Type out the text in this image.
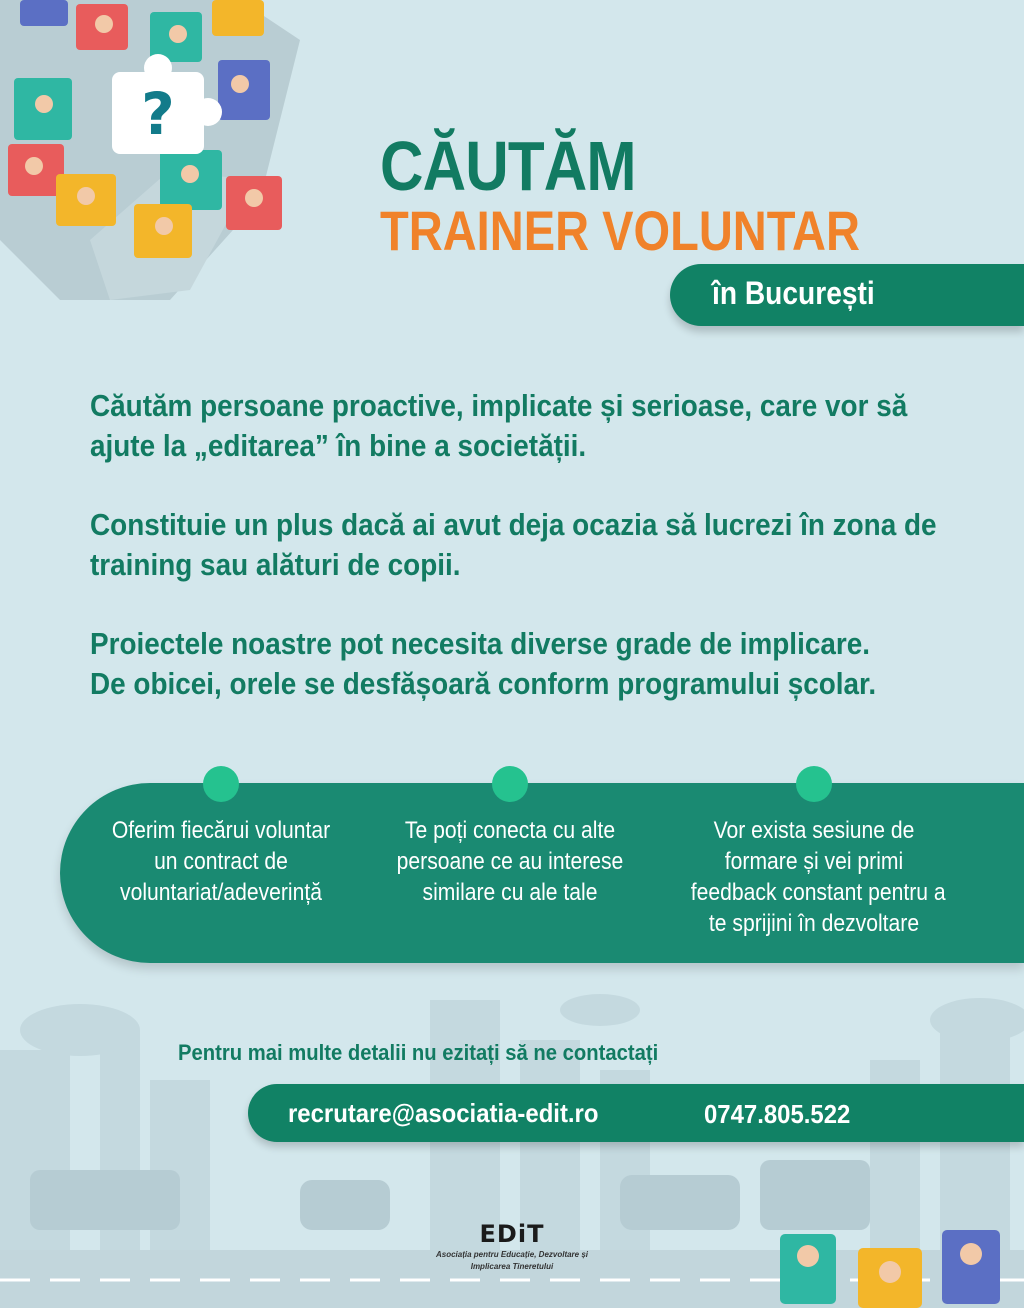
?
CĂUTĂM
TRAINER VOLUNTAR
în București

Căutăm persoane proactive, implicate și serioase, care vor să
ajute la „editarea” în bine a societății.

Constituie un plus dacă ai avut deja ocazia să lucrezi în zona de
training sau alături de copii.

Proiectele noastre pot necesita diverse grade de implicare.
De obicei, orele se desfășoară conform programului școlar.

Oferim fiecărui voluntar
un contract de
voluntariat/adeverință
Te poți conecta cu alte
persoane ce au interese
similare cu ale tale
Vor exista sesiune de
formare și vei primi
feedback constant pentru a
te sprijini în dezvoltare

Pentru mai multe detalii nu ezitați să ne contactați

recrutare@asociatia-edit.ro	0747.805.522
EDiT
Asociația pentru Educație, Dezvoltare și
Implicarea Tineretului
